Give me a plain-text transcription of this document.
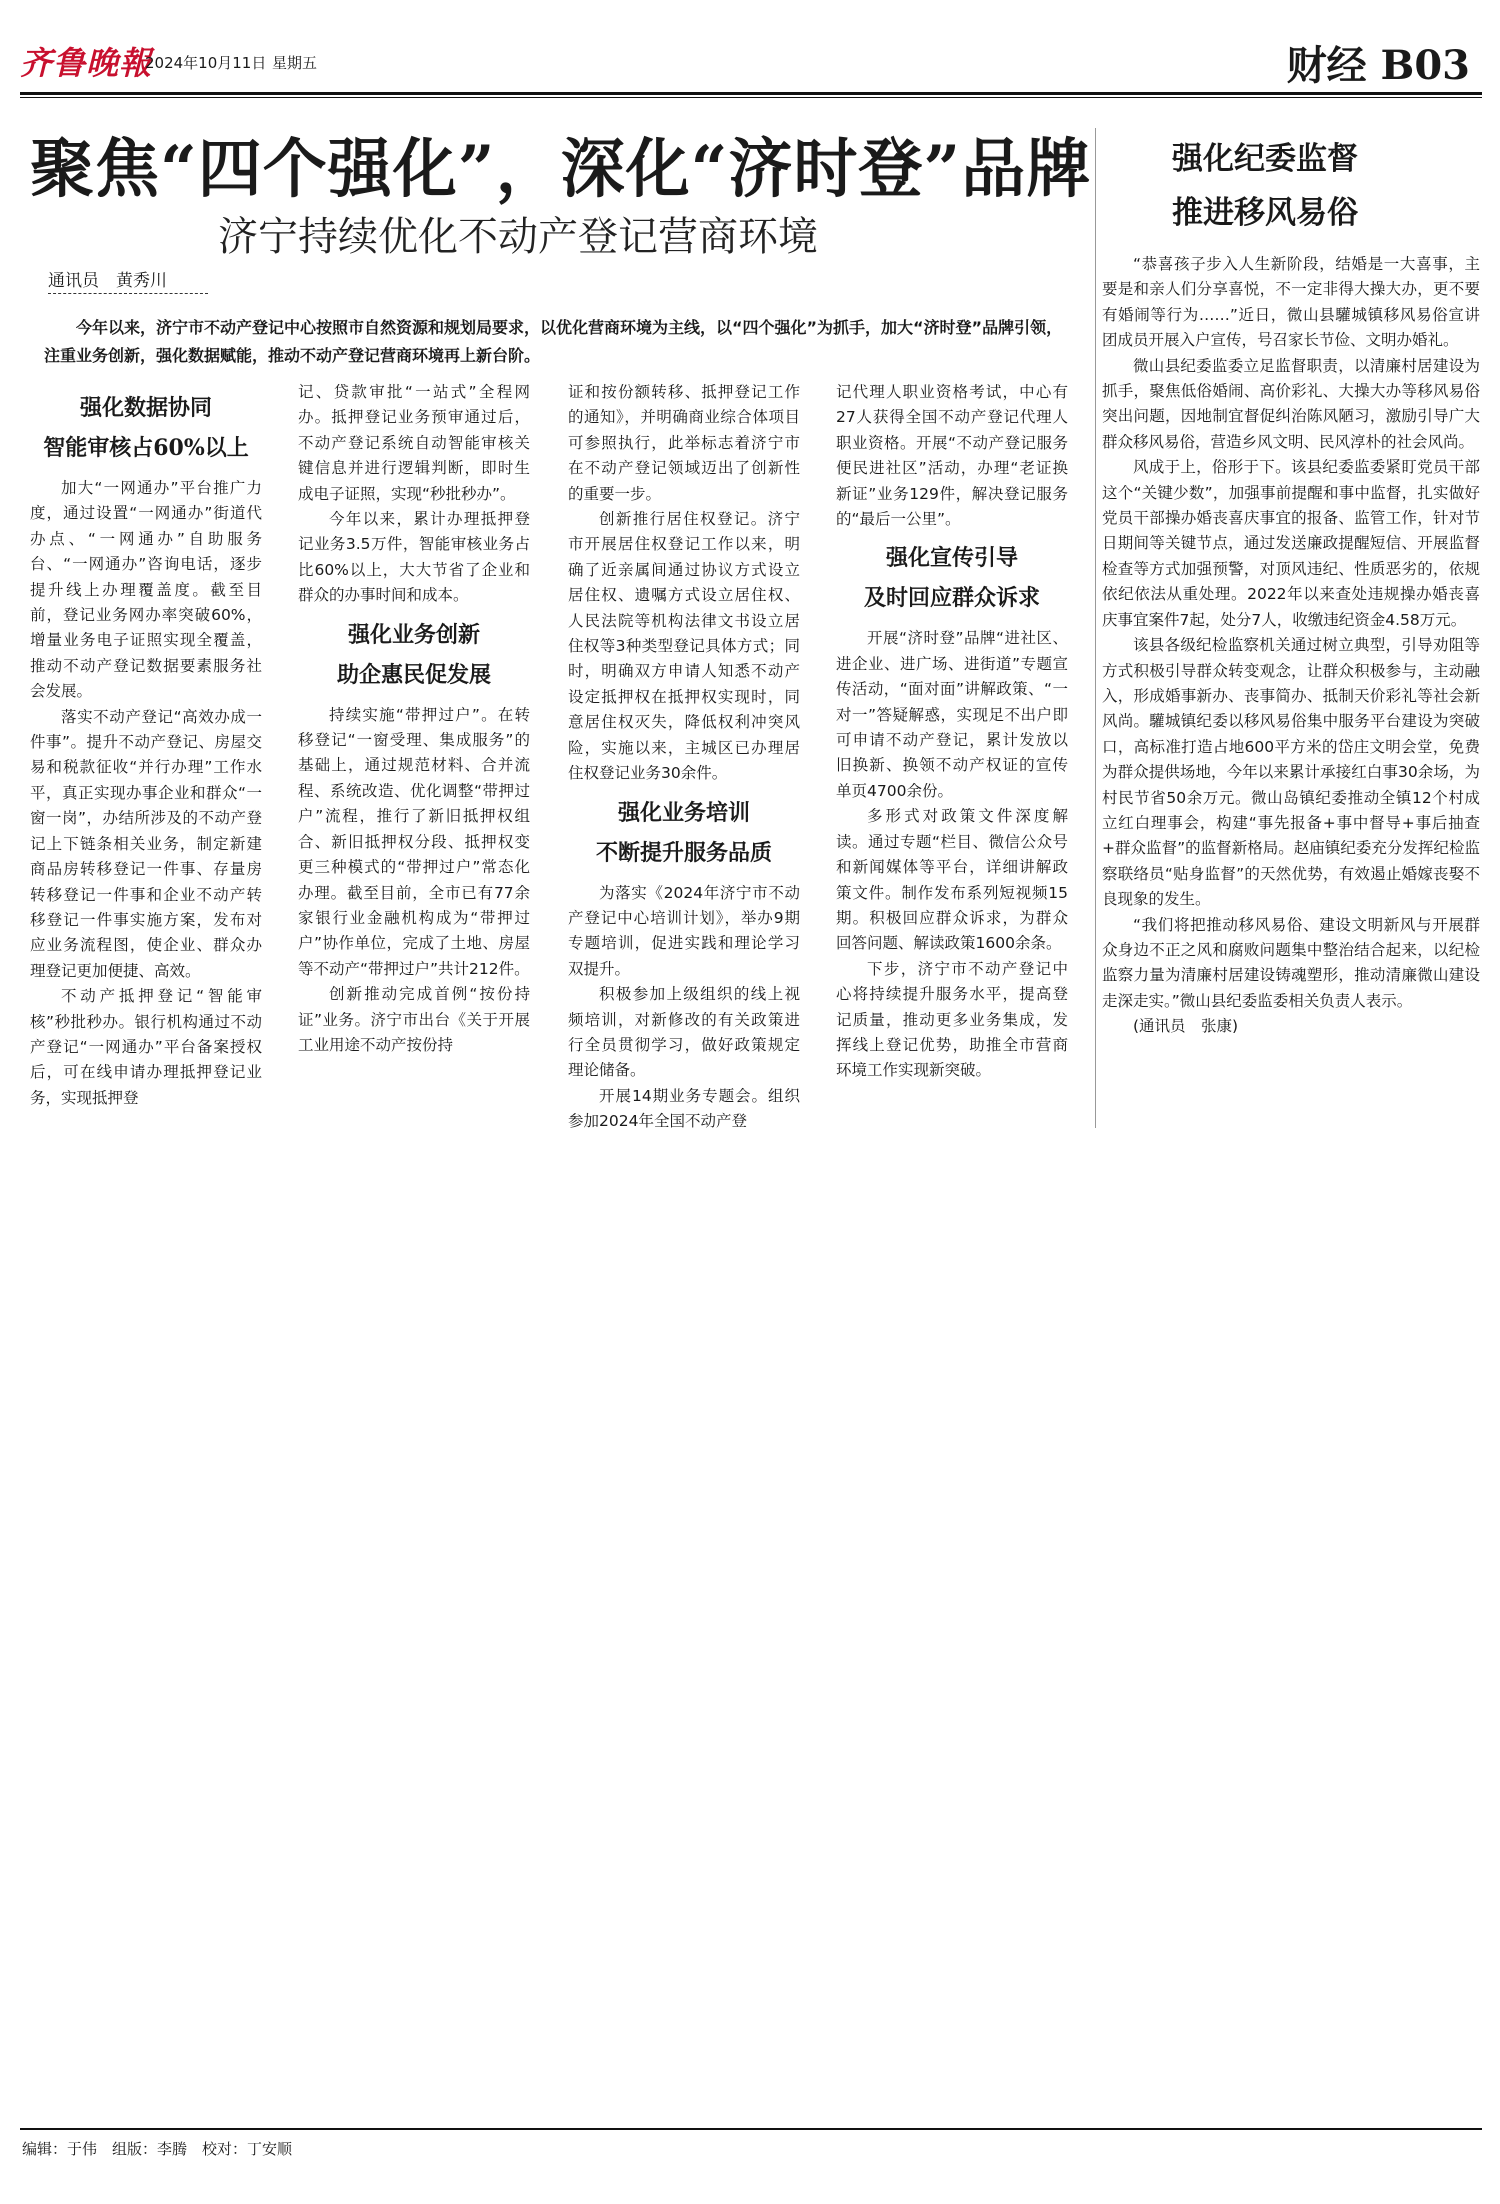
齐鲁晚報
2024年10月11日 星期五	财经 B03
聚焦“四个强化”，深化“济时登”品牌
济宁持续优化不动产登记营商环境
通讯员　黄秀川
今年以来，济宁市不动产登记中心按照市自然资源和规划局要求，以优化营商环境为主线，以“四个强化”为抓手，加大“济时登”品牌引领，注重业务创新，强化数据赋能，推动不动产登记营商环境再上新台阶。
强化数据协同
智能审核占60%以上

加大“一网通办”平台推广力度，通过设置“一网通办”街道代办点、“一网通办”自助服务台、“一网通办”咨询电话，逐步提升线上办理覆盖度。截至目前，登记业务网办率突破60%，增量业务电子证照实现全覆盖，推动不动产登记数据要素服务社会发展。

落实不动产登记“高效办成一件事”。提升不动产登记、房屋交易和税款征收“并行办理”工作水平，真正实现办事企业和群众“一窗一岗”，办结所涉及的不动产登记上下链条相关业务，制定新建商品房转移登记一件事、存量房转移登记一件事和企业不动产转移登记一件事实施方案，发布对应业务流程图，使企业、群众办理登记更加便捷、高效。

不动产抵押登记“智能审核”秒批秒办。银行机构通过不动产登记“一网通办”平台备案授权后，可在线申请办理抵押登记业务，实现抵押登

记、贷款审批“一站式”全程网办。抵押登记业务预审通过后，不动产登记系统自动智能审核关键信息并进行逻辑判断，即时生成电子证照，实现“秒批秒办”。

今年以来，累计办理抵押登记业务3.5万件，智能审核业务占比60%以上，大大节省了企业和群众的办事时间和成本。

强化业务创新
助企惠民促发展

持续实施“带押过户”。在转移登记“一窗受理、集成服务”的基础上，通过规范材料、合并流程、系统改造、优化调整“带押过户”流程，推行了新旧抵押权组合、新旧抵押权分段、抵押权变更三种模式的“带押过户”常态化办理。截至目前，全市已有77余家银行业金融机构成为“带押过户”协作单位，完成了土地、房屋等不动产“带押过户”共计212件。

创新推动完成首例“按份持证”业务。济宁市出台《关于开展工业用途不动产按份持

证和按份额转移、抵押登记工作的通知》，并明确商业综合体项目可参照执行，此举标志着济宁市在不动产登记领域迈出了创新性的重要一步。

创新推行居住权登记。济宁市开展居住权登记工作以来，明确了近亲属间通过协议方式设立居住权、遗嘱方式设立居住权、人民法院等机构法律文书设立居住权等3种类型登记具体方式；同时，明确双方申请人知悉不动产设定抵押权在抵押权实现时，同意居住权灭失，降低权利冲突风险，实施以来，主城区已办理居住权登记业务30余件。

强化业务培训
不断提升服务品质

为落实《2024年济宁市不动产登记中心培训计划》，举办9期专题培训，促进实践和理论学习双提升。

积极参加上级组织的线上视频培训，对新修改的有关政策进行全员贯彻学习，做好政策规定理论储备。

开展14期业务专题会。组织参加2024年全国不动产登

记代理人职业资格考试，中心有27人获得全国不动产登记代理人职业资格。开展“不动产登记服务便民进社区”活动，办理“老证换新证”业务129件，解决登记服务的“最后一公里”。

强化宣传引导
及时回应群众诉求

开展“济时登”品牌“进社区、进企业、进广场、进街道”专题宣传活动，“面对面”讲解政策、“一对一”答疑解惑，实现足不出户即可申请不动产登记，累计发放以旧换新、换领不动产权证的宣传单页4700余份。

多形式对政策文件深度解读。通过专题“栏目、微信公众号和新闻媒体等平台，详细讲解政策文件。制作发布系列短视频15期。积极回应群众诉求，为群众回答问题、解读政策1600余条。

下步，济宁市不动产登记中心将持续提升服务水平，提高登记质量，推动更多业务集成，发挥线上登记优势，助推全市营商环境工作实现新突破。

强化纪委监督
推进移风易俗

“恭喜孩子步入人生新阶段，结婚是一大喜事，主要是和亲人们分享喜悦，不一定非得大操大办，更不要有婚闹等行为……”近日，微山县驩城镇移风易俗宣讲团成员开展入户宣传，号召家长节俭、文明办婚礼。

微山县纪委监委立足监督职责，以清廉村居建设为抓手，聚焦低俗婚闹、高价彩礼、大操大办等移风易俗突出问题，因地制宜督促纠治陈风陋习，激励引导广大群众移风易俗，营造乡风文明、民风淳朴的社会风尚。

风成于上，俗形于下。该县纪委监委紧盯党员干部这个“关键少数”，加强事前提醒和事中监督，扎实做好党员干部操办婚丧喜庆事宜的报备、监管工作，针对节日期间等关键节点，通过发送廉政提醒短信、开展监督检查等方式加强预警，对顶风违纪、性质恶劣的，依规依纪依法从重处理。2022年以来查处违规操办婚丧喜庆事宜案件7起，处分7人，收缴违纪资金4.58万元。

该县各级纪检监察机关通过树立典型，引导劝阻等方式积极引导群众转变观念，让群众积极参与，主动融入，形成婚事新办、丧事简办、抵制天价彩礼等社会新风尚。驩城镇纪委以移风易俗集中服务平台建设为突破口，高标准打造占地600平方米的岱庄文明会堂，免费为群众提供场地，今年以来累计承接红白事30余场，为村民节省50余万元。微山岛镇纪委推动全镇12个村成立红白理事会，构建“事先报备+事中督导+事后抽查+群众监督”的监督新格局。赵庙镇纪委充分发挥纪检监察联络员“贴身监督”的天然优势，有效遏止婚嫁丧娶不良现象的发生。

“我们将把推动移风易俗、建设文明新风与开展群众身边不正之风和腐败问题集中整治结合起来，以纪检监察力量为清廉村居建设铸魂塑形，推动清廉微山建设走深走实。”微山县纪委监委相关负责人表示。

(通讯员　张康)

编辑：于伟　组版：李腾　校对：丁安顺
